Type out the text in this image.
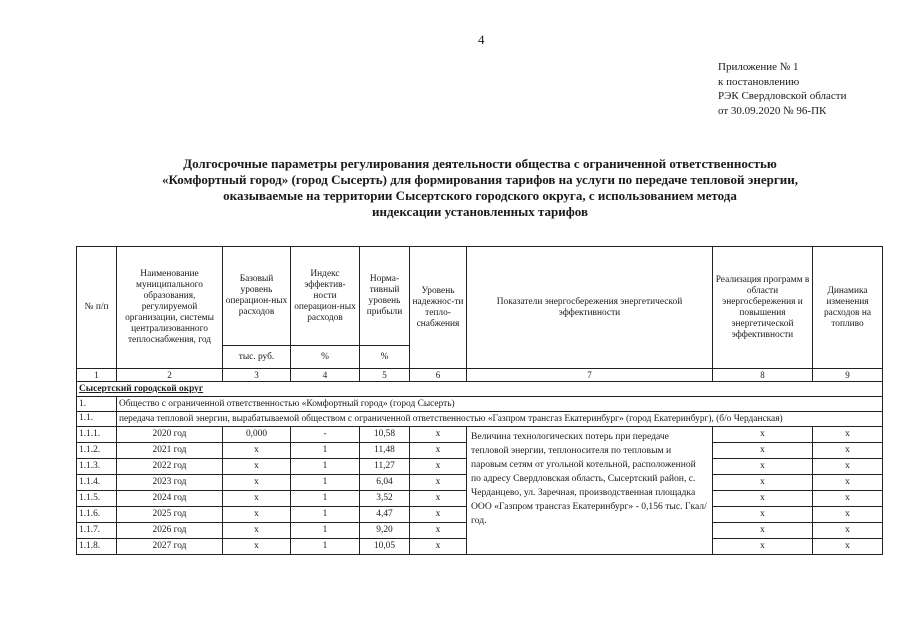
4
Приложение № 1
к постановлению
РЭК Свердловской области
от 30.09.2020 № 96-ПК
Долгосрочные параметры регулирования деятельности общества с ограниченной ответственностью
«Комфортный город» (город Сысерть) для формирования тарифов на услуги по передаче тепловой энергии,
оказываемые на территории Сысертского городского округа, с использованием метода
индексации установленных тарифов
№ п/п	Наименование муниципального образования, регулируемой организации, системы централизованного теплоснабжения, год	Базовый уровень операцион-ных расходов	Индекс эффектив-ности операцион-ных расходов	Норма-тивный уровень прибыли	Уровень надежнос-ти тепло-снабжения	Показатели энергосбережения энергетической эффективности	Реализация программ в области энергосбережения и повышения энергетической эффективности	Динамика изменения расходов на топливо
		тыс. руб.	%	%				
1	2	3	4	5	6	7	8	9
Сысертский городской округ								
1.	Общество с ограниченной ответственностью «Комфортный город» (город Сысерть)							
1.1.	передача тепловой энергии, вырабатываемой обществом с ограниченной ответственностью «Газпром трансгаз Екатеринбург» (город Екатеринбург), (б/о Черданская)							
1.1.1.	2020 год	0,000	-	10,58	x	Величина технологических потерь при передаче тепловой энергии, теплоносителя по тепловым и паровым сетям от угольной котельной, расположенной по адресу Свердловская область, Сысертский район, с. Черданцево, ул. Заречная, производственная площадка ООО «Газпром трансгаз Екатеринбург» - 0,156 тыс. Гкал/год.	x	x
1.1.2.	2021 год	x	1	11,48	x		x	x
1.1.3.	2022 год	x	1	11,27	x		x	x
1.1.4.	2023 год	x	1	6,04	x		x	x
1.1.5.	2024 год	x	1	3,52	x		x	x
1.1.6.	2025 год	x	1	4,47	x		x	x
1.1.7.	2026 год	x	1	9,20	x		x	x
1.1.8.	2027 год	x	1	10,05	x		x	x
